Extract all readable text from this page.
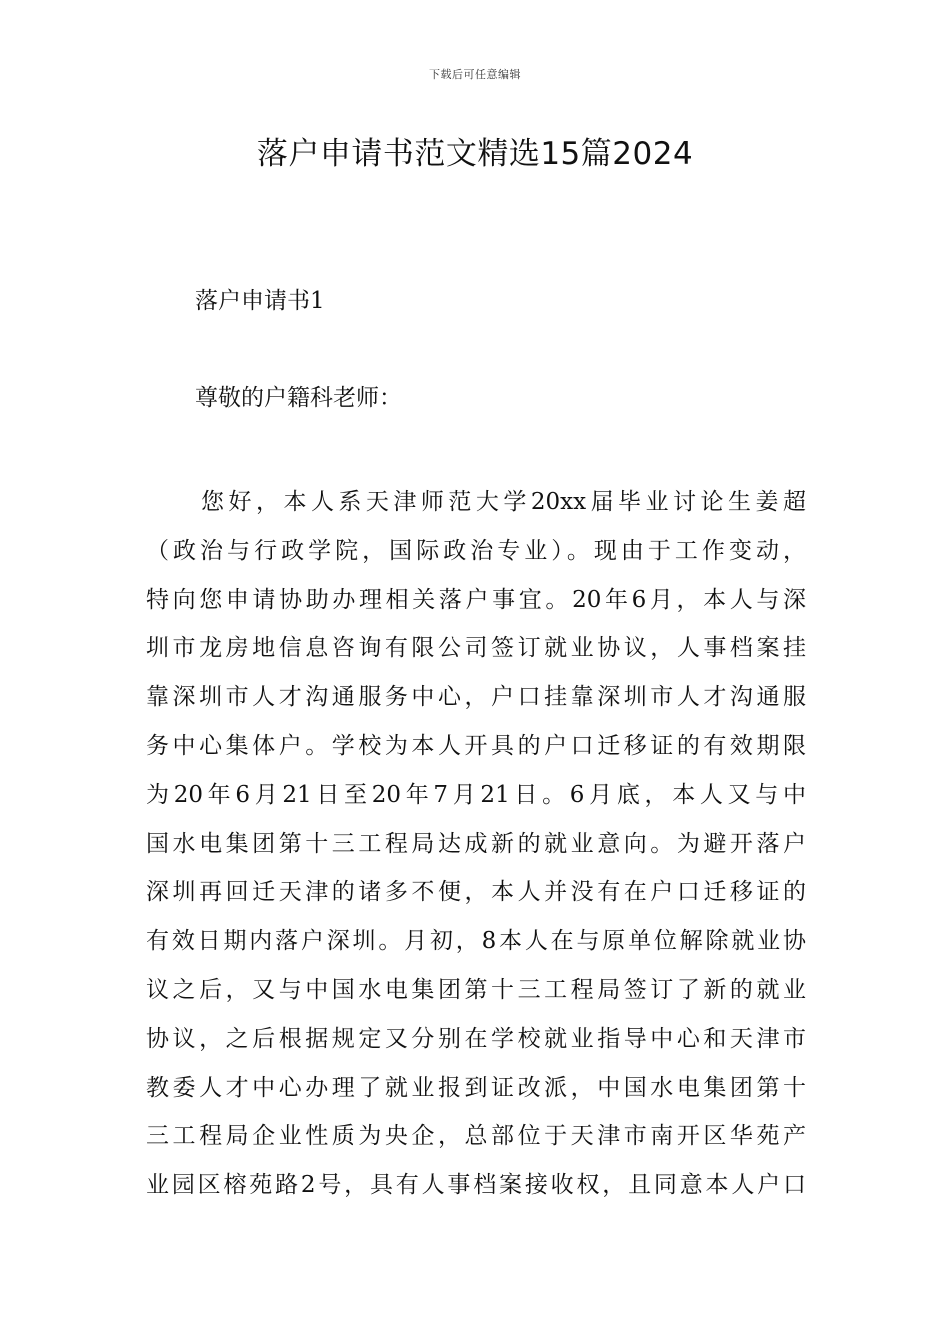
下载后可任意编辑
落户申请书范文精选15篇2024
落户申请书1

尊敬的户籍科老师：

您好，本人系天津师范大学20xx届毕业讨论生姜超
（政治与行政学院，国际政治专业）。现由于工作变动，
特向您申请协助办理相关落户事宜。20年6月，本人与深
圳市龙房地信息咨询有限公司签订就业协议，人事档案挂
靠深圳市人才沟通服务中心，户口挂靠深圳市人才沟通服
务中心集体户。学校为本人开具的户口迁移证的有效期限
为20年6月21日至20年7月21日。6月底，本人又与中
国水电集团第十三工程局达成新的就业意向。为避开落户
深圳再回迁天津的诸多不便，本人并没有在户口迁移证的
有效日期内落户深圳。月初，8本人在与原单位解除就业协
议之后，又与中国水电集团第十三工程局签订了新的就业
协议，之后根据规定又分别在学校就业指导中心和天津市
教委人才中心办理了就业报到证改派，中国水电集团第十
三工程局企业性质为央企，总部位于天津市南开区华苑产
业园区榕苑路2号，具有人事档案接收权，且同意本人户口
